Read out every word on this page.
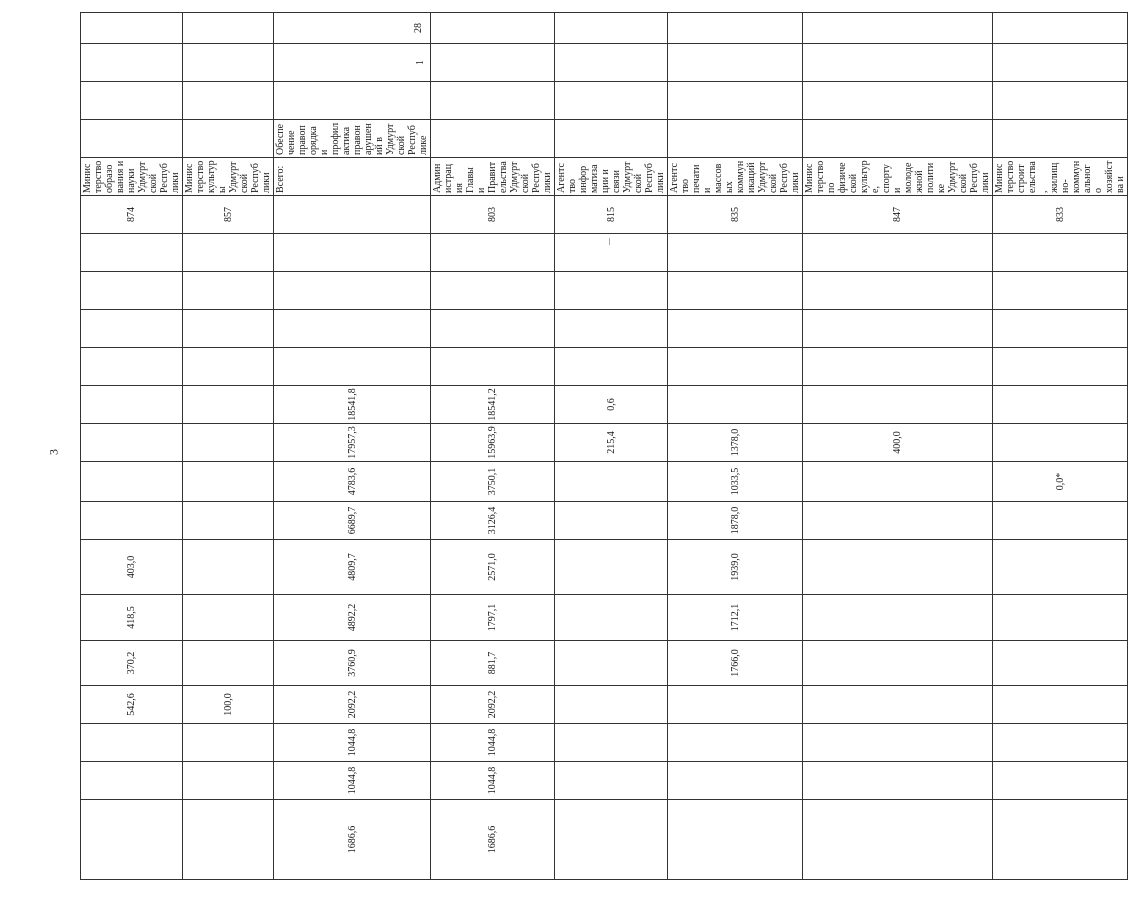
3
			542,6	370,2	418,5	403,0									874	Министерство образования и науки Удмуртской Республики				
			100,0												857	Министерство культуры Удмуртской Республики				
1686,6	1044,8	1044,8	2092,2	3760,9	4892,2	4809,7	6689,7	4783,6	17957,3	18541,8						Всего:	Обеспечение правопорядка и профилактика правонарушений в Удмуртской Республике		1	28
1686,6	1044,8	1044,8	2092,2	881,7	1797,1	2571,0	3126,4	3750,1	15963,9	18541,2					803	Администрация Главы и Правительства Удмуртской Республики				
									215,4	0,6					815	Агентство информатизации и связи Удмуртской Республики				
				1766,0	1712,1	1939,0	1878,0	1033,5	1378,0						835	Агентство печати и массовых коммуникаций Удмуртской Республики				
									400,0						847	Министерство по физической культуре, спорту и молодежной политике Удмуртской Республики				
								0,0*							833	Министерство строительства, жилищно-коммунального хозяйства и				
